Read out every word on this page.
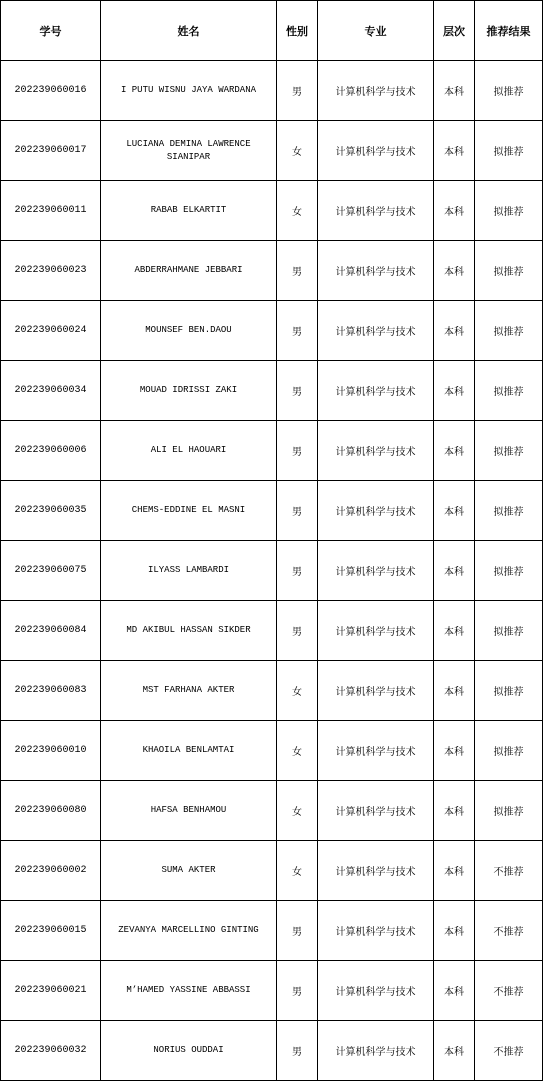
学号	姓名	性别	专业	层次	推荐结果
202239060016	I PUTU WISNU JAYA WARDANA	男	计算机科学与技术	本科	拟推荐
202239060017	LUCIANA DEMINA LAWRENCE SIANIPAR	女	计算机科学与技术	本科	拟推荐
202239060011	RABAB ELKARTIT	女	计算机科学与技术	本科	拟推荐
202239060023	ABDERRAHMANE JEBBARI	男	计算机科学与技术	本科	拟推荐
202239060024	MOUNSEF BEN.DAOU	男	计算机科学与技术	本科	拟推荐
202239060034	MOUAD IDRISSI ZAKI	男	计算机科学与技术	本科	拟推荐
202239060006	ALI EL HAOUARI	男	计算机科学与技术	本科	拟推荐
202239060035	CHEMS-EDDINE EL MASNI	男	计算机科学与技术	本科	拟推荐
202239060075	ILYASS LAMBARDI	男	计算机科学与技术	本科	拟推荐
202239060084	MD AKIBUL HASSAN SIKDER	男	计算机科学与技术	本科	拟推荐
202239060083	MST FARHANA AKTER	女	计算机科学与技术	本科	拟推荐
202239060010	KHAOILA BENLAMTAI	女	计算机科学与技术	本科	拟推荐
202239060080	HAFSA BENHAMOU	女	计算机科学与技术	本科	拟推荐
202239060002	SUMA AKTER	女	计算机科学与技术	本科	不推荐
202239060015	ZEVANYA MARCELLINO GINTING	男	计算机科学与技术	本科	不推荐
202239060021	M’HAMED YASSINE ABBASSI	男	计算机科学与技术	本科	不推荐
202239060032	NORIUS OUDDAI	男	计算机科学与技术	本科	不推荐
